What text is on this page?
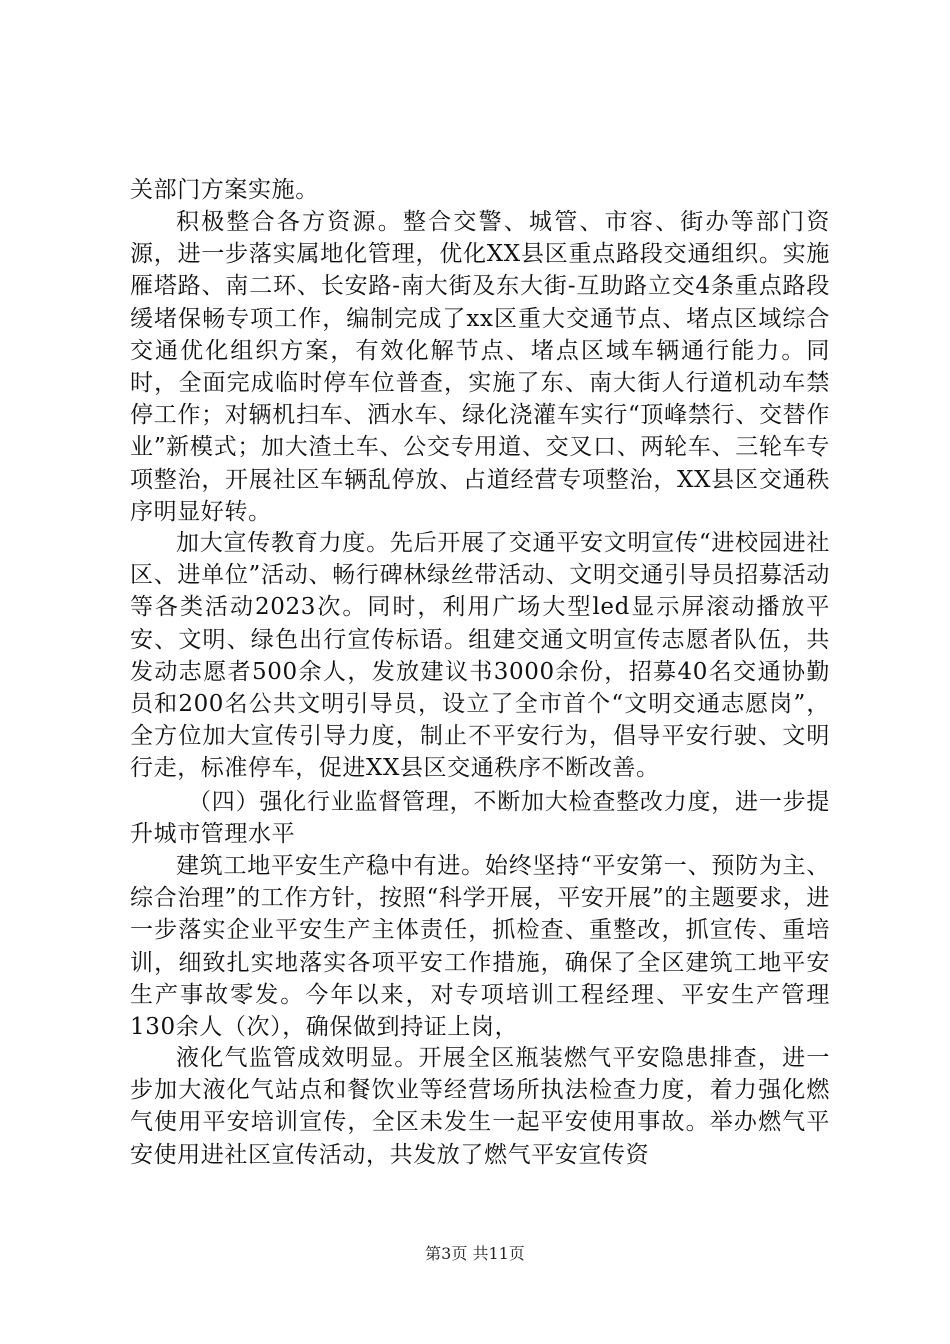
关部门方案实施。

积极整合各方资源。整合交警、城管、市容、街办等部门资源，进一步落实属地化管理，优化XX县区重点路段交通组织。实施雁塔路、南二环、长安路-南大街及东大街-互助路立交4条重点路段缓堵保畅专项工作，编制完成了xx区重大交通节点、堵点区域综合交通优化组织方案，有效化解节点、堵点区域车辆通行能力。同时，全面完成临时停车位普查，实施了东、南大街人行道机动车禁停工作；对辆机扫车、洒水车、绿化浇灌车实行“顶峰禁行、交替作业”新模式；加大渣土车、公交专用道、交叉口、两轮车、三轮车专项整治，开展社区车辆乱停放、占道经营专项整治，XX县区交通秩序明显好转。

加大宣传教育力度。先后开展了交通平安文明宣传“进校园进社区、进单位”活动、畅行碑林绿丝带活动、文明交通引导员招募活动等各类活动2023次。同时，利用广场大型led显示屏滚动播放平安、文明、绿色出行宣传标语。组建交通文明宣传志愿者队伍，共发动志愿者500余人，发放建议书3000余份，招募40名交通协勤员和200名公共文明引导员，设立了全市首个“文明交通志愿岗”，全方位加大宣传引导力度，制止不平安行为，倡导平安行驶、文明行走，标准停车，促进XX县区交通秩序不断改善。

（四）强化行业监督管理，不断加大检查整改力度，进一步提升城市管理水平

建筑工地平安生产稳中有进。始终坚持“平安第一、预防为主、综合治理”的工作方针，按照“科学开展，平安开展”的主题要求，进一步落实企业平安生产主体责任，抓检查、重整改，抓宣传、重培训，细致扎实地落实各项平安工作措施，确保了全区建筑工地平安生产事故零发。今年以来，对专项培训工程经理、平安生产管理130余人（次），确保做到持证上岗，

液化气监管成效明显。开展全区瓶装燃气平安隐患排查，进一步加大液化气站点和餐饮业等经营场所执法检查力度，着力强化燃气使用平安培训宣传，全区未发生一起平安使用事故。举办燃气平安使用进社区宣传活动，共发放了燃气平安宣传资

第3页 共11页
